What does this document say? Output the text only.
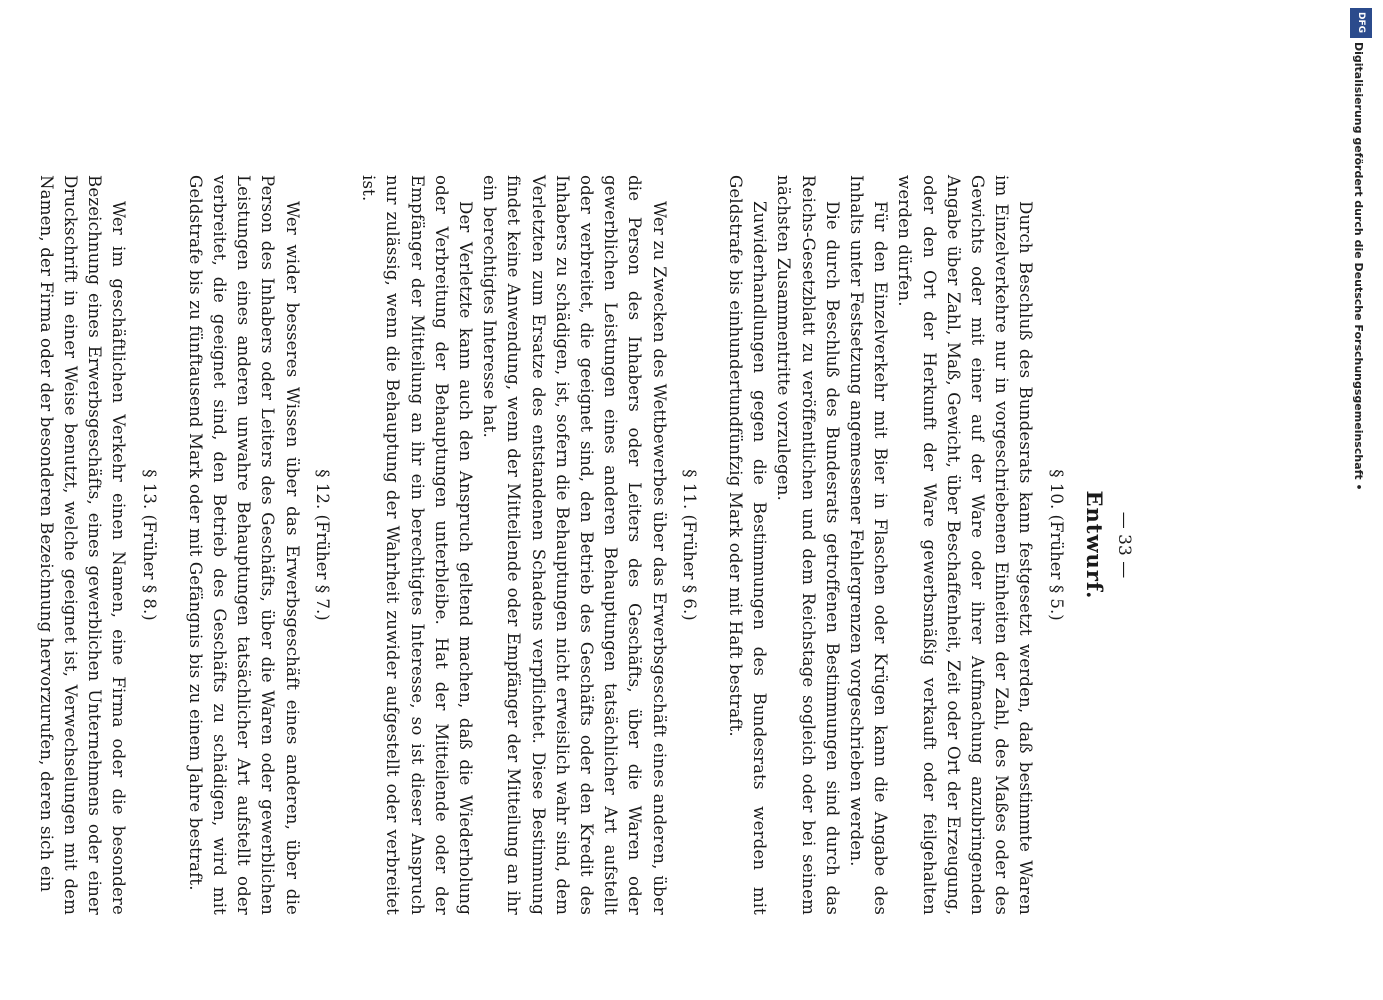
— 33 —
Entwurf.
§ 10. (Früher § 5.)

Durch Beschluß des Bundesrats kann festgesetzt werden, daß bestimmte Waren im Einzelverkehre nur in vorgeschriebenen Einheiten der Zahl, des Maßes oder des Gewichts oder mit einer auf der Ware oder ihrer Aufmachung anzubringenden Angabe über Zahl, Maß, Gewicht, über Beschaffenheit, Zeit oder Ort der Erzeugung, oder den Ort der Herkunft der Ware gewerbsmäßig verkauft oder feilgehalten werden dürfen.

Für den Einzelverkehr mit Bier in Flaschen oder Krügen kann die Angabe des Inhalts unter Festsetzung angemessener Fehlergrenzen vorgeschrieben werden.

Die durch Beschluß des Bundesrats getroffenen Bestimmungen sind durch das Reichs-Gesetzblatt zu veröffentlichen und dem Reichstage sogleich oder bei seinem nächsten Zusammentritte vorzulegen.

Zuwiderhandlungen gegen die Bestimmungen des Bundesrats werden mit Geldstrafe bis einhundertundfünfzig Mark oder mit Haft bestraft.

§ 11. (Früher § 6.)

Wer zu Zwecken des Wettbewerbes über das Erwerbsgeschäft eines anderen, über die Person des Inhabers oder Leiters des Geschäfts, über die Waren oder gewerblichen Leistungen eines anderen Behauptungen tatsächlicher Art aufstellt oder verbreitet, die geeignet sind, den Betrieb des Geschäfts oder den Kredit des Inhabers zu schädigen, ist, sofern die Behauptungen nicht erweislich wahr sind, dem Verletzten zum Ersatze des entstandenen Schadens verpflichtet. Diese Bestimmung findet keine Anwendung, wenn der Mitteilende oder Empfänger der Mitteilung an ihr ein berechtigtes Interesse hat.

Der Verletzte kann auch den Anspruch geltend machen, daß die Wiederholung oder Verbreitung der Behauptungen unterbleibe. Hat der Mitteilende oder der Empfänger der Mitteilung an ihr ein berechtigtes Interesse, so ist dieser Anspruch nur zulässig, wenn die Behauptung der Wahrheit zuwider aufgestellt oder verbreitet ist.

§ 12. (Früher § 7.)

Wer wider besseres Wissen über das Erwerbsgeschäft eines anderen, über die Person des Inhabers oder Leiters des Geschäfts, über die Waren oder gewerblichen Leistungen eines anderen unwahre Behauptungen tatsächlicher Art aufstellt oder verbreitet, die geeignet sind, den Betrieb des Geschäfts zu schädigen, wird mit Geldstrafe bis zu fünftausend Mark oder mit Gefängnis bis zu einem Jahre bestraft.

§ 13. (Früher § 8.)

Wer im geschäftlichen Verkehr einen Namen, eine Firma oder die besondere Bezeichnung eines Erwerbsgeschäfts, eines gewerblichen Unternehmens oder einer Druckschrift in einer Weise benutzt, welche geeignet ist, Verwechselungen mit dem Namen, der Firma oder der besonderen Bezeichnung hervorzurufen, deren sich ein

DFG
Digitalisierung gefördert durch die Deutsche Forschungsgemeinschaft •
